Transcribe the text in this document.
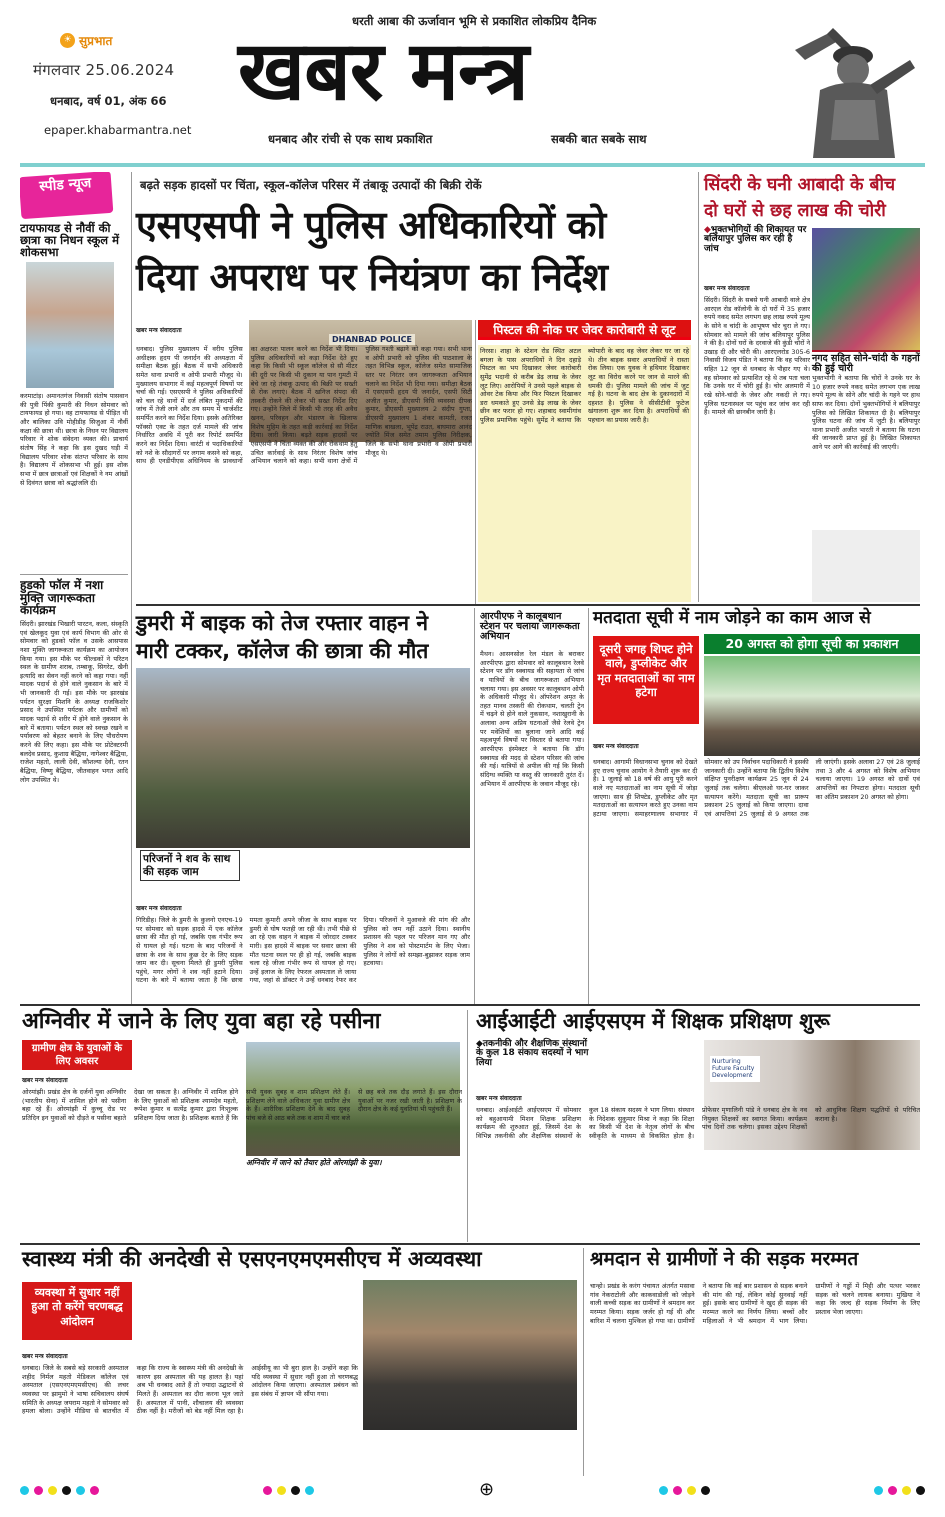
धरती आबा की ऊर्जावान भूमि से प्रकाशित लोकप्रिय दैनिक
☀ सुप्रभात
मंगलवार 25.06.2024
धनबाद, वर्ष 01, अंक 66
epaper.khabarmantra.net
खबर मन्त्र
धनबाद और रांची से एक साथ प्रकाशित	सबकी बात सबके साथ
स्पीड न्यूज
टायफायड से नौवीं की छात्रा का निधन स्कूल में शोकसभा
करमाटांड़। अमानतगंज निवासी संतोष पासवान की पुत्री पिंकी कुमारी की निधन सोमवार को टायफायड हो गया। वह टायफायड से पीड़ित थी और बालिका उवि मोहीडीह सिजुआ में नौवीं कक्षा की छात्रा थी। छात्रा के निधन पर विद्यालय परिवार ने शोक संवेदना व्यक्त की। प्राचार्य संतोष सिंह ने कहा कि इस दुखद घड़ी में विद्यालय परिवार शोक संतप्त परिवार के साथ है। विद्यालय में शोकसभा भी हुई। इस शोक सभा में छात्र छात्राओं एवं शिक्षकों ने नम आंखों से दिवंगत छात्रा को श्रद्धांजलि दी।
हुडको फॉल में नशा मुक्ति जागरूकता कार्यक्रम
सिंदरी। झारखंड भिखारी पारटन, कला, संस्कृति एवं खेलकूद युवा एवं कार्य विभाग की ओर से सोमवार को हुडको फॉल व उसके आसपास नशा मुक्ति जागरूकता कार्यक्रम का आयोजन किया गया। इस मौके पर फील्डकों ने परिटन स्थल के ग्रामीण शराब, तम्बाकू, सिगरेट, खैनी इत्यादि का सेवन नहीं करने को कहा गया। नहीं मादक पदार्थ से होने वाले नुकसान के बारे में भी जानकारी दी गई। इस मौके पर झारखंड पर्यटन सुरक्षा मिशनि के अध्यक्ष राजकिशोर प्रसाद ने उपस्थित पर्यटक और ग्रामीणों को मादक पदार्थ से शरीर में होने वाले नुकसान के बारे में बताया। पर्यटन स्थल को स्वच्छ रखने व पर्यावरण को बेहतर बनाने के लिए पौधरोपण करने की लिए कहा। इस मौके पर प्रोटेक्टरमी बलदेव प्रसाद, कुशाग्र बैद्धिया, नागेश्वर बैद्धिया, राजेश महतो, लाली देवी, कौशल्या देवी, रतन बैद्धिया, विष्णु बैद्धिया, जीतवाहन भगत आदि लोग उपस्थित थे।
बढ़ते सड़क हादसों पर चिंता, स्कूल-कॉलेज परिसर में तंबाकू उत्पादों की बिक्री रोकें
एसएसपी ने पुलिस अधिकारियों को
दिया अपराध पर नियंत्रण का निर्देश
खबर मन्त्र संवाददाता
DHANBAD POLICE
धनबाद। पुलिस मुख्यालय में वरीय पुलिस अधीक्षक हृदय पी जनार्दन की अध्यक्षता में समीक्षा बैठक हुई। बैठक में सभी अधिकारी समेत थाना प्रभारी व ओपी प्रभारी मौजूद थे। मुख्यालय सभागार में कई महत्वपूर्ण विषयों पर चर्चा की गई। एसएसपी ने पुलिस अधिकारियों को चल रहे थानों में दर्ज लंबित मुकदमों की जांच में तेजी लाने और तय समय में चार्जशीट समर्पित करने का निर्देश दिया। इसके अतिरिक्त फॉक्सो एक्ट के तहत दर्ज मामले की जांच निर्धारित अवधि में पूरी कर रिपोर्ट समर्पित करने का निर्देश दिया। वारंटी वं पदाधिकारियों को नशे के सौदागरों पर लगाम कसने को कहा, साथ ही एनडीपीएस अधिनियम के प्रावधानों का अक्षरशः पालन करने का निर्देश भी दिया। पुलिस अधिकारियों को कड़ा निर्देश देते हुए कहा कि किसी भी स्कूल कॉलेज से सौ मीटर की दूरी पर किसी भी दुकान या पान गुमटी में बेचे जा रहे तंबाकू उत्पाद की बिक्री पर सख्ती से रोक लगाएं। बैठक में खनिज संपदा की तस्करी रोकने की लेकर भी सख्त निर्देश दिए गए। उन्होंने जिले में किसी भी तरह की अवैध खनन, परिवहन और भंडारण के खिलाफ विशेष मुहिम के तहत कड़ी कार्रवाई का निर्देश दिया। जारी किया। बढ़ते सड़क हादसों पर एसएसपी ने चिंता व्यक्त की और रोकथाम हेतु उचित कार्रवाई के साथ निरंतर विशेष जांच अभियान चलाने को कहा। सभी थाना क्षेत्रों में पुलिस गश्ती बढ़ाने को कहा गया। सभी थाना व ओपी प्रभारी को पुलिस की पाठशाला के तहत विभिन्न स्कूल, कॉलेज समेत सामाजिक स्तर पर निरंतर जन जागरूकता अभियान चलाने का निर्देश भी दिया गया। समीक्षा बैठक में एसएसपी हृदय पी जनार्दन, एसपी सिटी अजीत कुमार, डीएसपी विधि व्यवस्था दीपक कुमार, डीएसपी मुख्यालय 2 संदीप गुप्ता, डीएसपी मुख्यालय 1 शंकर कामती, रजत माणिक बाखला, भूपेंद्र राउत, बाघमारा आनंद ज्योति मिंज समेत तमाम पुलिस निरीक्षक, जिले के सभी थाना प्रभारी व ओपी प्रभारी मौजूद थे।
पिस्टल की नोक पर जेवर कारोबारी से लूट
निरसा। शाहा के स्टेशन रोड स्थित अटल बगला के पास अपराधियों ने दिन दहाड़े पिस्टल का भय दिखाकर जेवर कारोबारी सुमेंद्र भदानी से करीब डेढ़ लाख के जेवर लूट लिए। आरोपियों ने उनसे पहले बाइक से ओवर टेक किया और फिर पिस्टल दिखाकर डरा धमकाते हुए उनसे डेढ़ लाख के जेवर छीन कर फरार हो गए। शहाबाद स्वामीगांव पुलिस प्रमाणिक पहुंचे। सुमेंद्र ने बताया कि ब्योपारी के बाद वह जेवर लेकर घर जा रहे थे। तीन बाइक सवार अपराधियों ने रास्ता रोक लिया। एक युवक ने हथियार दिखाकर लूट का विरोध करने पर जान से मारने की धमकी दी। पुलिस मामले की जांच में जुट गई है। घटना के बाद क्षेत्र के दुकानदारों में दहशत है। पुलिस ने सीसीटीवी फुटेज खंगालना शुरू कर दिया है। अपराधियों की पहचान का प्रयास जारी है।
सिंदरी के घनी आबादी के बीच
दो घरों से छह लाख की चोरी
◆भुक्तभोगियों की शिकायत पर बलियापुर पुलिस कर रही है जांच
खबर मन्त्र संवाददाता
सिंदरी। सिंदरी के सबसे घनी आबादी वाले क्षेत्र आरएल रोड कॉलोनी के दो घरों में 35 हजार रुपये नकद समेत लगभग छह लाख रुपये मूल्य के सोने व चांदी के आभूषण चोर चुरा ले गए। सोमवार को मामले की जांच बलियापुर पुलिस ने की है। दोनों घरों के दरवाजे की कुंडी चोरों ने उखाड़ दी और चोरी की। आरएलरोड 305-6 निवासी विजय पंडित ने बताया कि वह परिवार सहित 12 जून से धनबाद के पौहार गए थे। वह सोमवार को प्रत्याशित रहे थे तब पता चला कि उनके घर में चोरी हुई है। चोर अलमारी में रखे सोने-चांदी के जेवर और नकदी ले गए। पुलिस घटनास्थल पर पहुंच कर जांच कर रही है। मामले की छानबीन जारी है।
नगद सहित सोने-चांदी के गहनों की हुई चोरी
भुक्तभोगी ने बताया कि चोरों ने उनके घर के 10 हजार रुपये नकद समेत लगभग एक लाख रुपये मूल्य के सोने और चांदी के गहने पर हाथ साफ कर दिया। दोनों भुक्तभोगियों ने बलियापुर पुलिस को लिखित शिकायत दी है। बलियापुर पुलिस घटना की जांच में जुटी है। बलियापुर थाना प्रभारी अजीत भारती ने बताया कि घटना की जानकारी प्राप्त हुई है। लिखित शिकायत आने पर आगे की कार्रवाई की जाएगी।
डुमरी में बाइक को तेज रफ्तार वाहन ने
मारी टक्कर, कॉलेज की छात्रा की मौत
परिजनों ने शव के साथ की सड़क जाम
खबर मन्त्र संवाददाता
गिरिडीह। जिले के डुमरी के कुलनो एनएच-19 पर सोमवार को सड़क हादसे में एक कॉलेज छात्रा की मौत हो गई, जबकि एक गंभीर रूप से घायल हो गई। घटना के बाद परिजनों ने छात्रा के शव के साथ कुछ देर के लिए सड़क जाम कर दी। सूचना मिलते ही डुमरी पुलिस पहुंचे, मगर लोगों ने शव नहीं हटाने दिया। घटना के बारे में बताया जाता है कि छात्रा ममता कुमारी अपने जीजा के साथ बाइक पर डुमरी से घोष फतही जा रही थी। तभी पीछे से आ रहे एक वाहन ने बाइक में जोरदार टक्कर मारी। इस हादसे में बाइक पर सवार छात्रा की मौत घटना स्थल पर ही हो गई, जबकि बाइक चला रहे जीजा गंभीर रूप से घायल हो गए। उन्हें इलाज के लिए रेफरल अस्पताल ले जाया गया, जहां से डॉक्टर ने उन्हें धनबाद रेफर कर दिया। परिजनों ने मुआवजे की मांग की और पुलिस को जम नहीं उठाने दिया। स्थानीय प्रशासन की पहल पर परिजन मान गए और पुलिस ने शव को पोस्टमार्टम के लिए भेजा। पुलिस ने लोगों को समझा-बुझाकर सड़क जाम हटवाया।
आरपीएफ ने कालूबथान स्टेशन पर चलाया जागरूकता अभियान
मैथन। आसनसोल रेल मंडल के बराकर आरपीएफ द्वारा सोमवार को कालूबथान रेलवे स्टेशन पर डॉग स्क्वायड की सहायता से जांच व यात्रियों के बीच जागरूकता अभियान चलाया गया। इस अवसर पर कालूबथान ओपी के अधिकारी मौजूद थे। ऑपरेशन अमृत के तहत मानव तस्करी की रोकथाम, चलती ट्रेन में चढ़ने से होने वाले नुकसान, नशाखुरानी के अलावा अन्य अप्रिय घटनाओं जैसे रेलवे ट्रेन पर मवेशियों का बुलाना जाने आदि कई महत्वपूर्ण विषयों पर विस्तार से बताया गया। आरपीएफ इंस्पेक्टर ने बताया कि डॉग स्क्वायड की मदद से स्टेशन परिसर की जांच की गई। यात्रियों से अपील की गई कि किसी संदिग्ध व्यक्ति या वस्तु की जानकारी तुरंत दें। अभियान में आरपीएफ के जवान मौजूद रहे।
मतदाता सूची में नाम जोड़ने का काम आज से
दूसरी जगह शिफ्ट होने वाले, डुप्लीकेट और मृत मतदाताओं का नाम हटेगा
20 अगस्त को होगा सूची का प्रकाशन
खबर मन्त्र संवाददाता
धनबाद। आगामी विधानसभा चुनाव को देखते हुए राज्य चुनाव आयोग ने तैयारी शुरू कर दी है। 1 जुलाई को 18 वर्ष की आयु पूरी करने वाले नए मतदाताओं का नाम सूची में जोड़ा जाएगा। साथ ही शिफ्टेड, डुप्लीकेट और मृत मतदाताओं का सत्यापन करते हुए उनका नाम हटाया जाएगा। समाहरणालय सभागार में सोमवार को उप निर्वाचन पदाधिकारी ने इसकी जानकारी दी। उन्होंने बताया कि द्वितीय विशेष संक्षिप्त पुनरीक्षण कार्यक्रम 25 जून से 24 जुलाई तक चलेगा। बीएलओ घर-घर जाकर सत्यापन करेंगे। मतदाता सूची का प्रारूप प्रकाशन 25 जुलाई को किया जाएगा। दावा एवं आपत्तियां 25 जुलाई से 9 अगस्त तक ली जाएंगी। इसके अलावा 27 एवं 28 जुलाई तथा 3 और 4 अगस्त को विशेष अभियान चलाया जाएगा। 19 अगस्त को दावों एवं आपत्तियों का निपटारा होगा। मतदाता सूची का अंतिम प्रकाशन 20 अगस्त को होगा।
अग्निवीर में जाने के लिए युवा बहा रहे पसीना
ग्रामीण क्षेत्र के युवाओं के लिए अवसर
खबर मन्त्र संवाददाता
अग्निवीर में जाने को तैयार होते ओरमांझी के युवा।
ओरमांझी। प्रखंड क्षेत्र के दर्जनों युवा अग्निवीर (भारतीय सेना) में शामिल होने को पसीना बहा रहे हैं। ओरमांझी में कुच्चू रोड पर प्रतिदिन इन युवाओं को दौड़ते व पसीना बहाते देखा जा सकता है। अग्निवीर में शामिल होने के लिए युवाओं को प्रशिक्षक श्यामदेव महतो, रूपेश कुमार व सत्येंद्र कुमार द्वारा निःशुल्क प्रशिक्षण दिया जाता है। प्रशिक्षक बताते हैं कि सभी युवक सुबह व शाम प्रशिक्षण लेते हैं। प्रशिक्षण लेने वाले अधिकतर युवा ग्रामीण क्षेत्र के हैं। शारीरिक प्रशिक्षण देने के बाद सुबह पांच बजे से आठ बजे तक व शाम में चार बजे से छह बजे तक दौड़ लगाते हैं। इस दौरान युवाओं पर नजर रखी जाती है। प्रशिक्षण के दौरान क्षेत्र के कई युवतियां भी पहुंचती हैं।
आईआईटी आईएसएम में शिक्षक प्रशिक्षण शुरू
◆तकनीकी और शैक्षणिक संस्थानों के कुल 18 संकाय सदस्यों ने भाग लिया
खबर मन्त्र संवाददाता
Nurturing Future Faculty Development
धनबाद। आईआईटी आईएसएम में सोमवार को बहुआयामी मिशन शिक्षक प्रशिक्षण कार्यक्रम की शुरुआत हुई, जिसमें देश के विभिन्न तकनीकी और शैक्षणिक संस्थानों के कुल 18 संकाय सदस्य ने भाग लिया। संस्थान के निदेशक सुकुमार मिश्रा ने कहा कि शिक्षा का किसी भी देश के नेतृत्व लोगों के बीच स्वीकृति के माध्यम से विकसित होता है। प्रोफेसर मृणालिनी पांडे ने धनबाद क्षेत्र के नव नियुक्त शिक्षकों का स्वागत किया। कार्यक्रम पांच दिनों तक चलेगा। इसका उद्देश्य शिक्षकों को आधुनिक शिक्षण पद्धतियों से परिचित कराना है।
स्वास्थ्य मंत्री की अनदेखी से एसएनएमएमसीएच में अव्यवस्था
व्यवस्था में सुधार नहीं हुआ तो करेंगे चरणबद्ध आंदोलन
खबर मन्त्र संवाददाता
धनबाद। जिले के सबसे बड़े सरकारी अस्पताल शहीद निर्मल महतो मेडिकल कॉलेज एवं अस्पताल (एसएनएमएमसीएच) की लचर व्यवस्था पर झामुमो ने भाषा सचिवालय संघर्ष समिति के अध्यक्ष जयराम महतो ने सोमवार को हमला बोला। उन्होंने मीडिया से बातचीत में कहा कि राज्य के स्वास्थ्य मंत्री की अनदेखी के कारण इस अस्पताल की यह हालत है। यहां अब भी धनबाद आते हैं तो ज्यादा उद्घाटनों से मिलते हैं। अस्पताल का दौरा करना भूल जाते हैं। अस्पताल में पानी, शौचालय की व्यवस्था ठीक नहीं है। मरीजों को बेड नहीं मिल रहा है। आईसीयू का भी बुरा हाल है। उन्होंने कहा कि यदि व्यवस्था में सुधार नहीं हुआ तो चरणबद्ध आंदोलन किया जाएगा। अस्पताल प्रबंधन को इस संबंध में ज्ञापन भी सौंपा गया।
श्रमदान से ग्रामीणों ने की सड़क मरम्मत
चान्हो। प्रखंड के करंग पंचायत अंतर्गत मसावा गांव नेकराटोली और काकवाडोली को जोड़ने वाली कच्ची सड़क का ग्रामीणों ने श्रमदान कर मरम्मत किया। सड़क जर्जर हो गई थी और बारिश में चलना मुश्किल हो गया था। ग्रामीणों ने बताया कि कई बार प्रशासन से सड़क बनाने की मांग की गई, लेकिन कोई सुनवाई नहीं हुई। इसके बाद ग्रामीणों ने खुद ही सड़क की मरम्मत करने का निर्णय लिया। बच्चों और महिलाओं ने भी श्रमदान में भाग लिया। ग्रामीणों ने गड्ढों में मिट्टी और पत्थर भरकर सड़क को चलने लायक बनाया। मुखिया ने कहा कि जल्द ही सड़क निर्माण के लिए प्रस्ताव भेजा जाएगा।
⊕
